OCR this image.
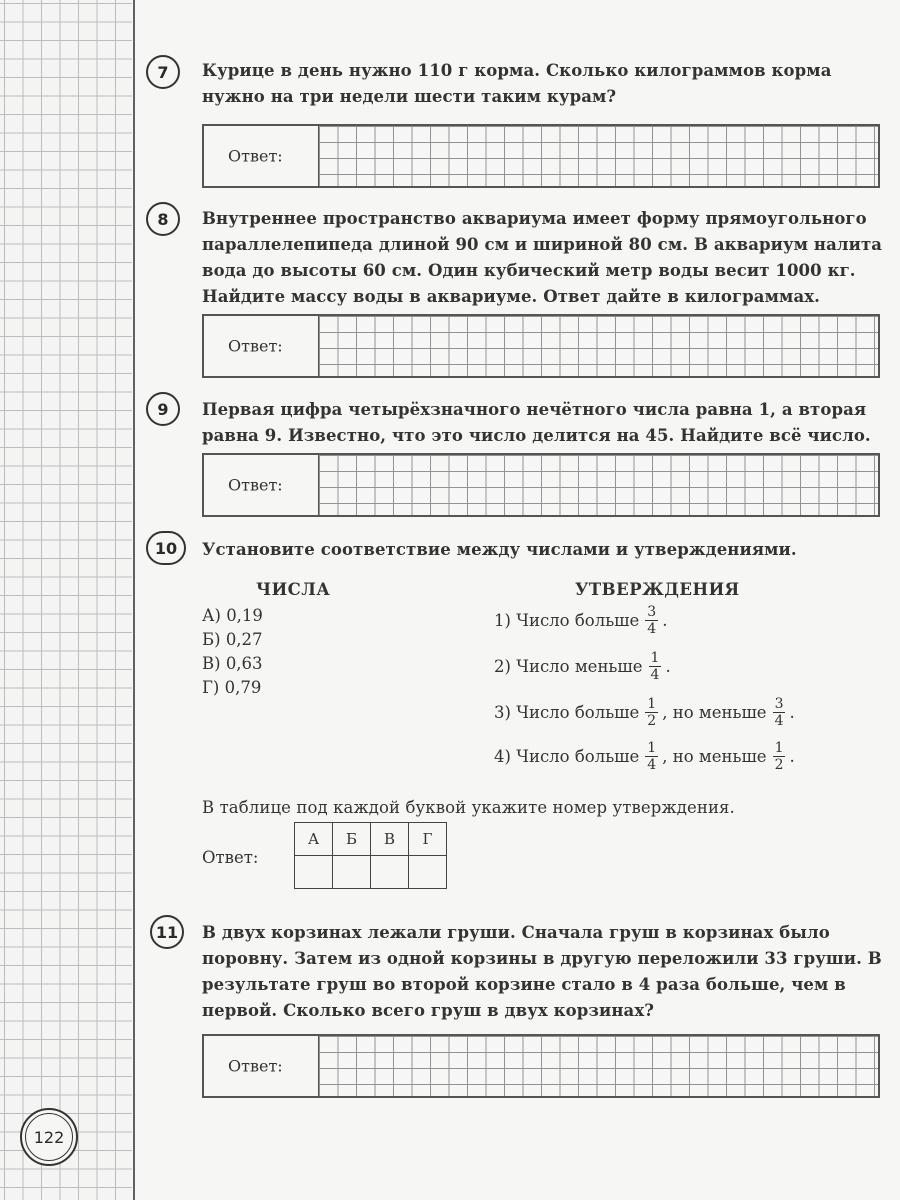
7	Курице в день нужно 110 г корма. Сколько килограммов корма нужно на три недели шести таким курам?
Ответ:
8	Внутреннее пространство аквариума имеет форму прямоугольного параллелепипеда длиной 90 см и шириной 80 см. В аквариум налита вода до высоты 60 см. Один кубический метр воды весит 1000 кг. Найдите массу воды в аквариуме. Ответ дайте в килограммах.
Ответ:
9	Первая цифра четырёхзначного нечётного числа равна 1, а вторая равна 9. Известно, что это число делится на 45. Найдите всё число.
Ответ:
10	Установите соответствие между числами и утверждениями.
ЧИСЛА	УТВЕРЖДЕНИЯ
А) 0,19
Б) 0,27
В) 0,63
Г) 0,79
1)
Число больше $\frac{3}{4}$ .
2)
Число меньше $\frac{1}{4}$ .
3)
Число больше $\frac{1}{2}$ , но меньше $\frac{3}{4}$ .
4)
Число больше $\frac{1}{4}$ , но меньше $\frac{1}{2}$ .
В таблице под каждой буквой укажите номер утверждения.
Ответ:
А	Б	В	Г

11	В двух корзинах лежали груши. Сначала груш в корзинах было поровну. Затем из одной корзины в другую переложили 33 груши. В результате груш во второй корзине стало в 4 раза больше, чем в первой. Сколько всего груш в двух корзинах?
Ответ:
122
